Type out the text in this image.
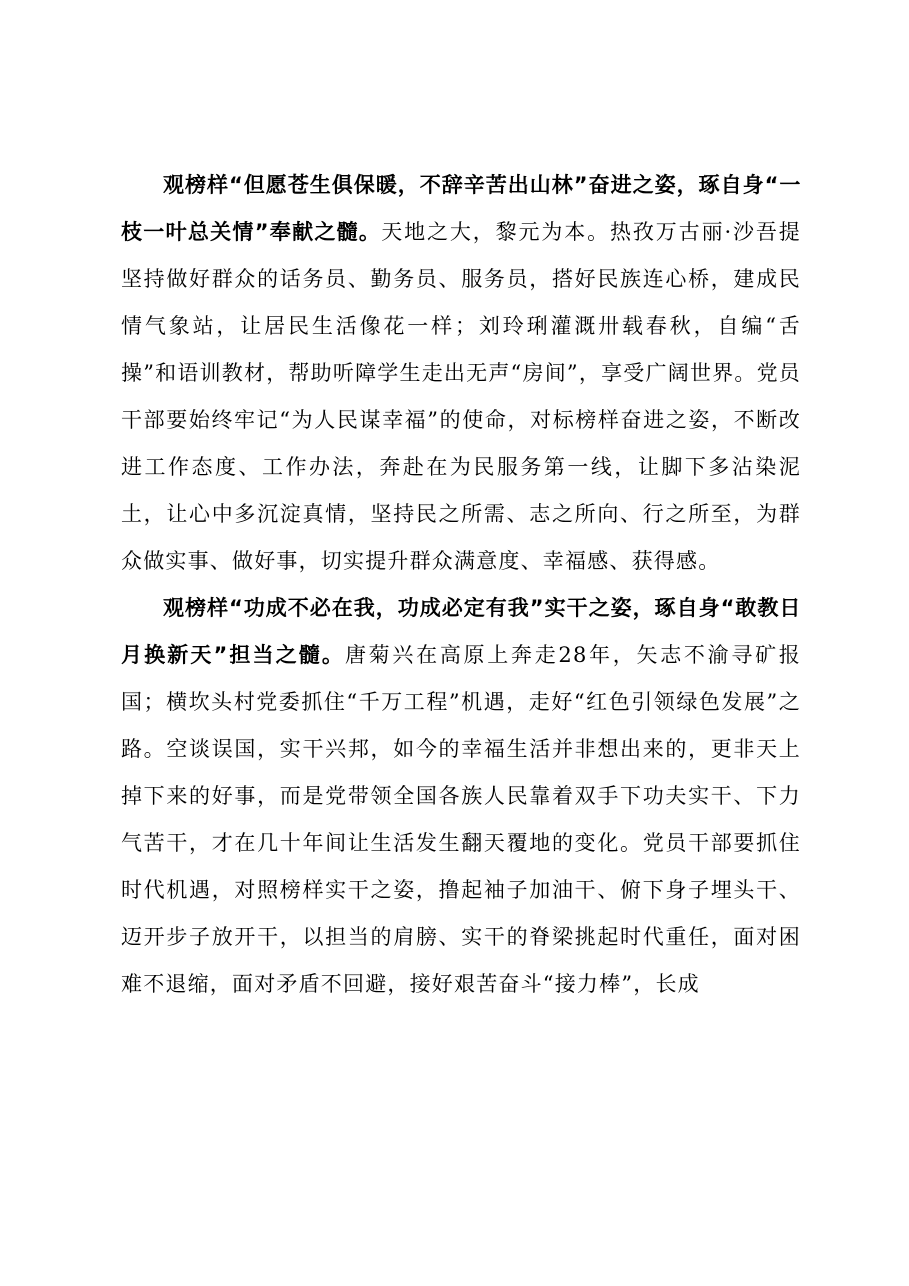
观榜样“但愿苍生俱保暖，不辞辛苦出山林”奋进之姿，琢自身“一枝一叶总关情”奉献之髓。天地之大，黎元为本。热孜万古丽·沙吾提坚持做好群众的话务员、勤务员、服务员，搭好民族连心桥，建成民情气象站，让居民生活像花一样；刘玲琍灌溉卅载春秋，自编“舌操”和语训教材，帮助听障学生走出无声“房间”，享受广阔世界。党员干部要始终牢记“为人民谋幸福”的使命，对标榜样奋进之姿，不断改进工作态度、工作办法，奔赴在为民服务第一线，让脚下多沾染泥土，让心中多沉淀真情，坚持民之所需、志之所向、行之所至，为群众做实事、做好事，切实提升群众满意度、幸福感、获得感。

观榜样“功成不必在我，功成必定有我”实干之姿，琢自身“敢教日月换新天”担当之髓。唐菊兴在高原上奔走28年，矢志不渝寻矿报国；横坎头村党委抓住“千万工程”机遇，走好“红色引领绿色发展”之路。空谈误国，实干兴邦，如今的幸福生活并非想出来的，更非天上掉下来的好事，而是党带领全国各族人民靠着双手下功夫实干、下力气苦干，才在几十年间让生活发生翻天覆地的变化。党员干部要抓住时代机遇，对照榜样实干之姿，撸起袖子加油干、俯下身子埋头干、迈开步子放开干，以担当的肩膀、实干的脊梁挑起时代重任，面对困难不退缩，面对矛盾不回避，接好艰苦奋斗“接力棒”，长成
